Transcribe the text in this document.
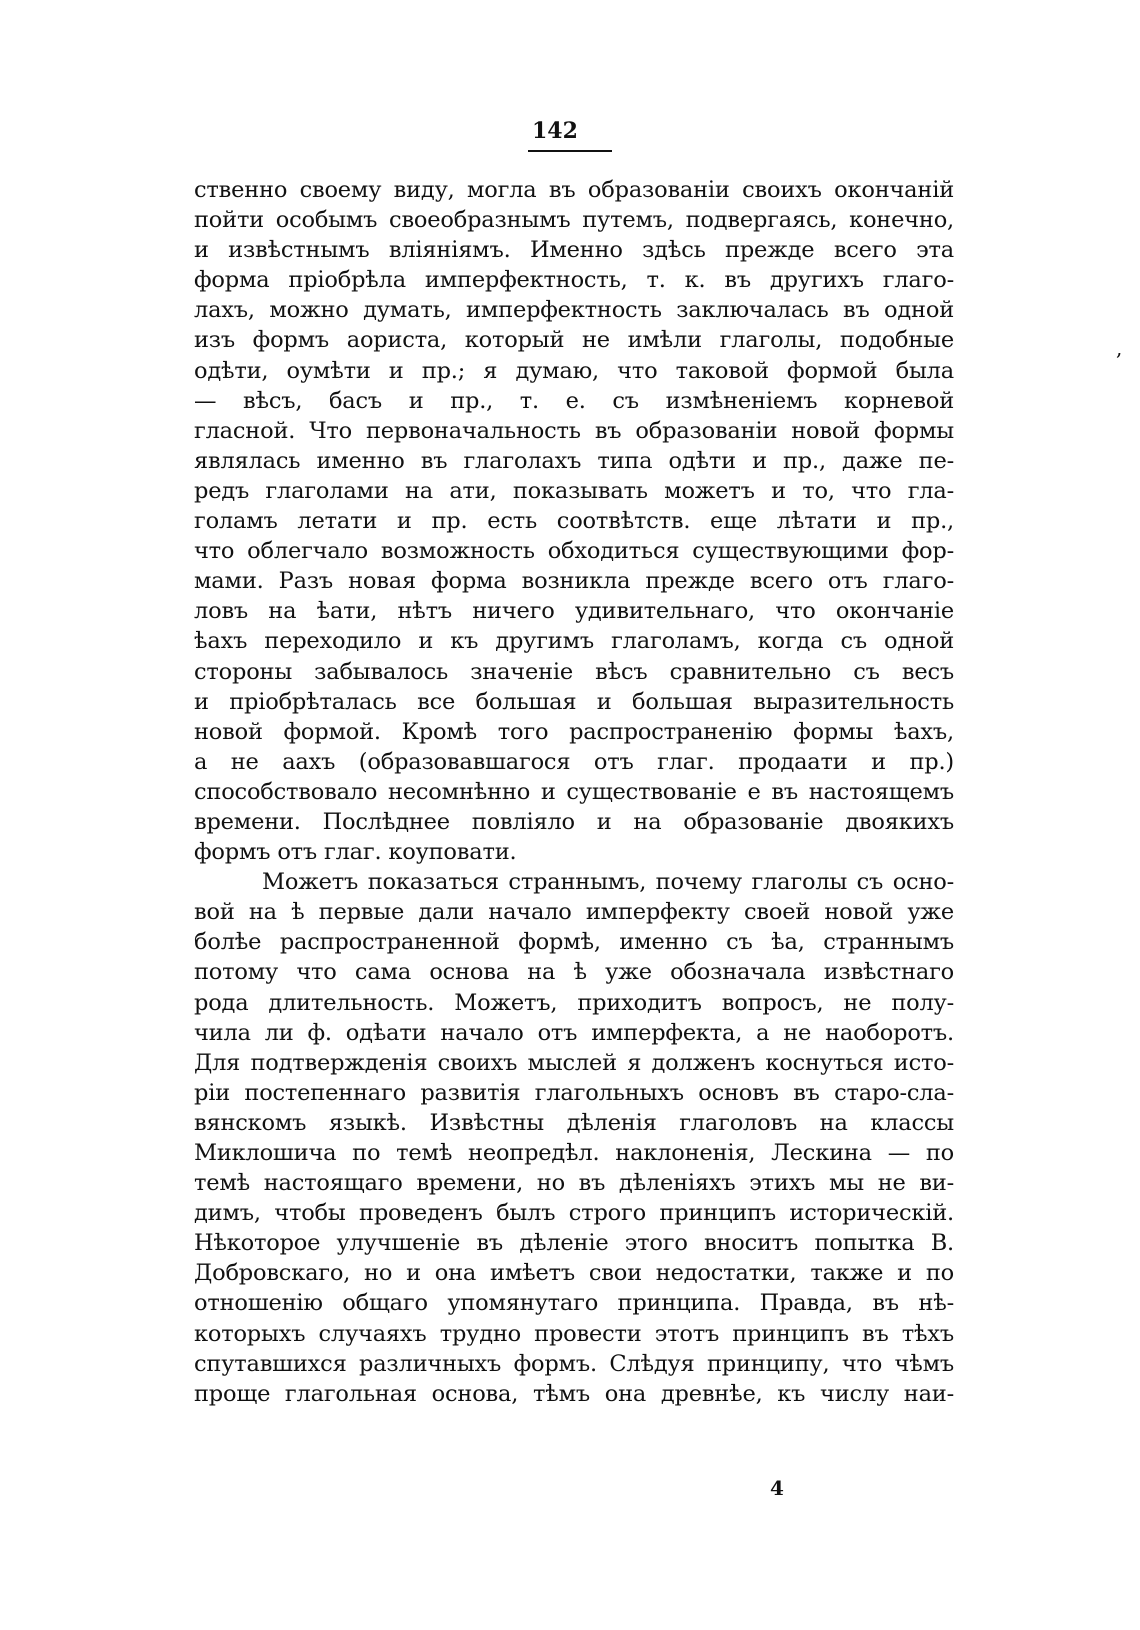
142
ственно своему виду, могла въ образованіи своихъ окончаній
пойти особымъ своеобразнымъ путемъ, подвергаясь, конечно,
и извѣстнымъ вліяніямъ. Именно здѣсь прежде всего эта
форма пріобрѣла имперфектность, т. к. въ другихъ глаго-
лахъ, можно думать, имперфектность заключалась въ одной
изъ формъ аориста, который не имѣли глаголы, подобные
одѣти, оумѣти и пр.; я думаю, что таковой формой была
— вѣсъ, басъ и пр., т. е. съ измѣненіемъ корневой
гласной. Что первоначальность въ образованіи новой формы
являлась именно въ глаголахъ типа одѣти и пр., даже пе-
редъ глаголами на ати, показывать можетъ и то, что гла-
голамъ летати и пр. есть соотвѣтств. еще лѣтати и пр.,
что облегчало возможность обходиться существующими фор-
мами. Разъ новая форма возникла прежде всего отъ глаго-
ловъ на ѣати, нѣтъ ничего удивительнаго, что окончаніе
ѣахъ переходило и къ другимъ глаголамъ, когда съ одной
стороны забывалось значеніе вѣсъ сравнительно съ весъ
и пріобрѣталась все большая и большая выразительность
новой формой. Кромѣ того распространенію формы ѣахъ,
а не аахъ (образовавшагося отъ глаг. продаати и пр.)
способствовало несомнѣнно и существованіе е въ настоящемъ
времени. Послѣднее повліяло и на образованіе двоякихъ
формъ отъ глаг. коуповати.
Можетъ показаться страннымъ, почему глаголы съ осно-
вой на ѣ первые дали начало имперфекту своей новой уже
болѣе распространенной формѣ, именно съ ѣа, страннымъ
потому что сама основа на ѣ уже обозначала извѣстнаго
рода длительность. Можетъ, приходитъ вопросъ, не полу-
чила ли ф. одѣати начало отъ имперфекта, а не наоборотъ.
Для подтвержденія своихъ мыслей я долженъ коснуться исто-
ріи постепеннаго развитія глагольныхъ основъ въ старо-сла-
вянскомъ языкѣ. Извѣстны дѣленія глаголовъ на классы
Миклошича по темѣ неопредѣл. наклоненія, Лескина — по
темѣ настоящаго времени, но въ дѣленіяхъ этихъ мы не ви-
димъ, чтобы проведенъ былъ строго принципъ историческій.
Нѣкоторое улучшеніе въ дѣленіе этого вноситъ попытка В.
Добровскаго, но и она имѣетъ свои недостатки, также и по
отношенію общаго упомянутаго принципа. Правда, въ нѣ-
которыхъ случаяхъ трудно провести этотъ принципъ въ тѣхъ
спутавшихся различныхъ формъ. Слѣдуя принципу, что чѣмъ
проще глагольная основа, тѣмъ она древнѣе, къ числу наи-
4
,
